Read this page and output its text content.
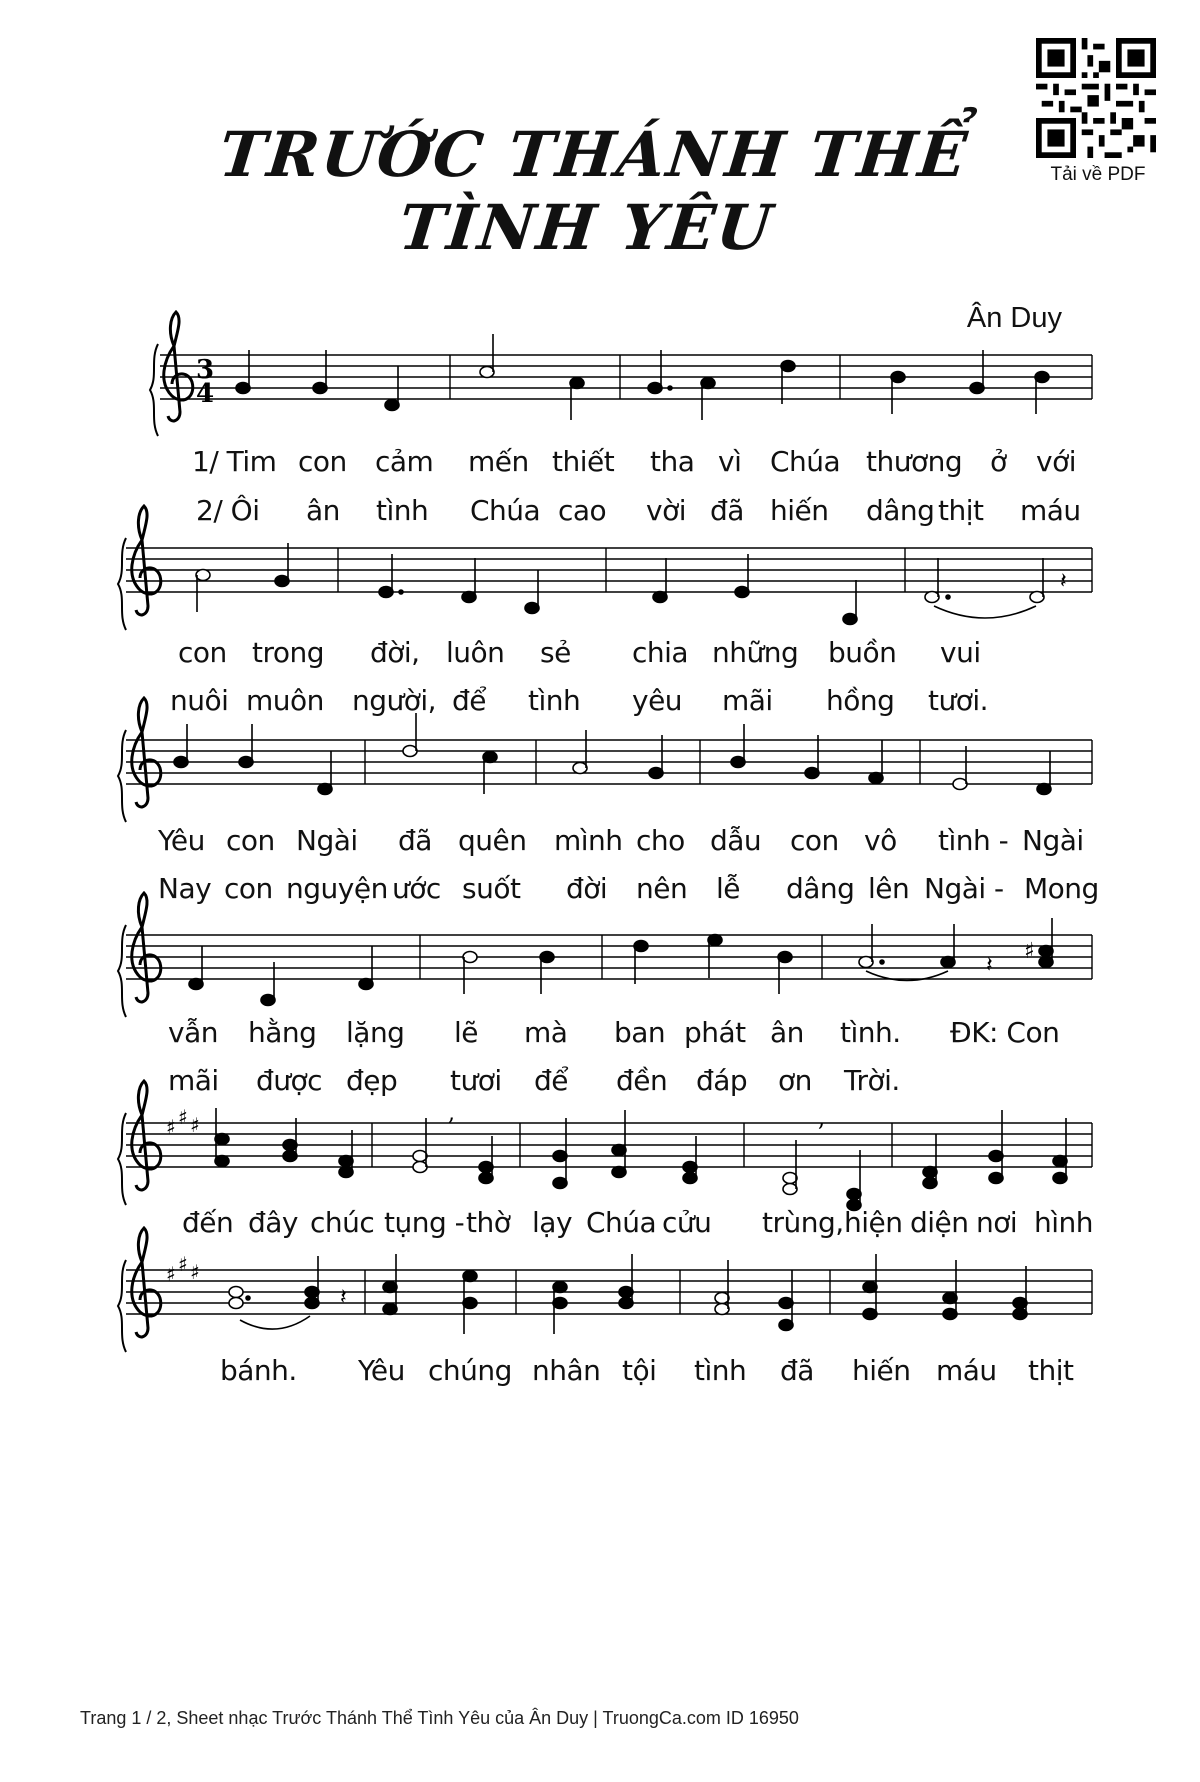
TRƯỚC THÁNH THỂ TÌNH YÊU
Tải về PDF
Ân Duy
3
4
𝄽
𝄽
♯
♯ ♯ ♯	,	,
♯ ♯ ♯
𝄽
1/ Tim con cảm mến thiết tha vì Chúa thương ở với
2/ Ôi ân tình Chúa cao vời đã hiến dâng thịt máu
con trong đời, luôn sẻ chia những buồn vui
nuôi muôn người, để tình yêu mãi hồng tươi.
Yêu con Ngài đã quên mình cho dẫu con vô tình - Ngài
Nay con nguyện ước suốt đời nên lễ dâng lên Ngài - Mong
vẫn hằng lặng lẽ mà ban phát ân tình. ĐK: Con
mãi được đẹp tươi để đền đáp ơn Trời.
đến đây chúc tụng - thờ lạy Chúa cửu trùng, hiện diện nơi hình
bánh. Yêu chúng nhân tội tình đã hiến máu thịt
Trang 1 / 2, Sheet nhạc Trước Thánh Thể Tình Yêu của Ân Duy | TruongCa.com ID 16950
